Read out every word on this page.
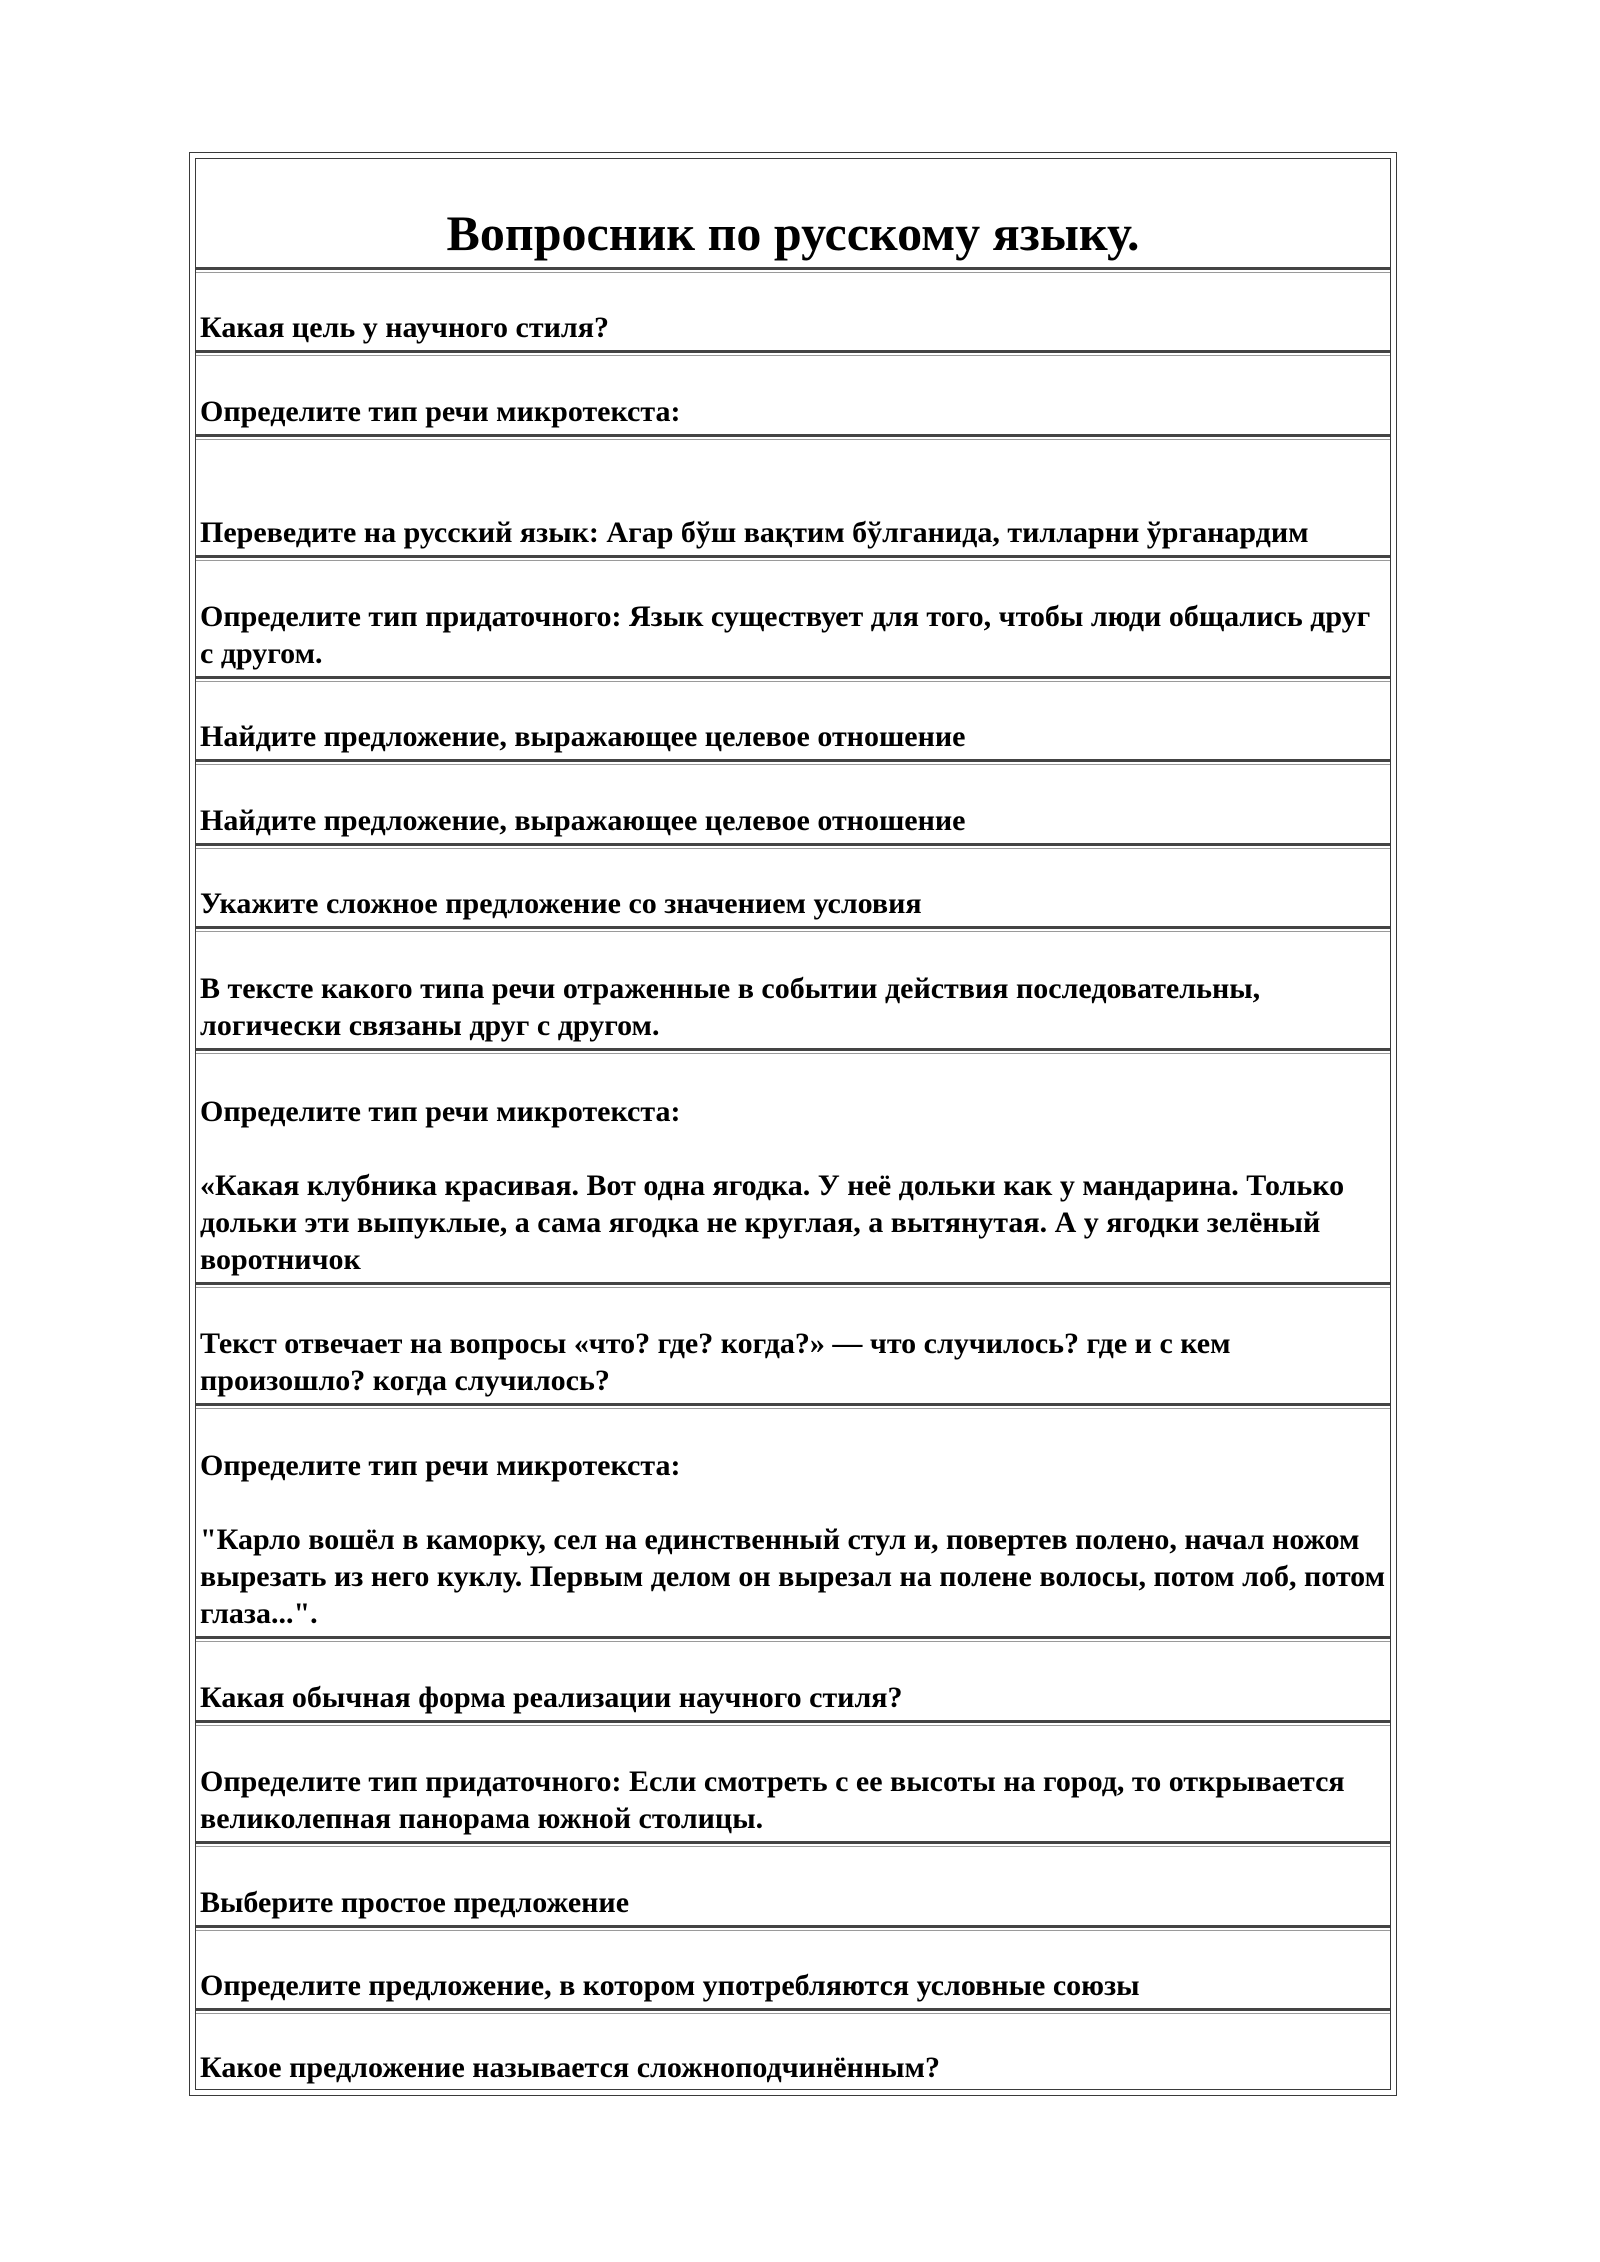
Вопросник по русскому языку.
Какая цель у научного стиля?
Определите тип речи микротекста:
Переведите на русский язык: Агар бўш вақтим бўлганида, тилларни ўрганардим
Определите тип придаточного: Язык существует для того, чтобы люди общались друг с другом.
Найдите предложение, выражающее целевое отношение
Найдите предложение, выражающее целевое отношение
Укажите сложное предложение со значением условия
В тексте какого типа речи отраженные в событии действия последовательны, логически связаны друг с другом.
Определите тип речи микротекста:
«Какая клубника красивая. Вот одна ягодка. У неё дольки как у мандарина. Только дольки эти выпуклые, а сама ягодка не круглая, а вытянутая. А у ягодки зелёный воротничок
Текст отвечает на вопросы «что? где? когда?» — что случилось? где и с кем произошло? когда случилось?
Определите тип речи микротекста:
"Карло вошёл в каморку, сел на единственный стул и, повертев полено, начал ножом вырезать из него куклу. Первым делом он вырезал на полене волосы, потом лоб, потом глаза...".
Какая обычная форма реализации научного стиля?
Определите тип придаточного: Если смотреть с ее высоты на город, то открывается великолепная панорама южной столицы.
Выберите простое предложение
Определите предложение, в котором употребляются условные союзы
Какое предложение называется сложноподчинённым?
